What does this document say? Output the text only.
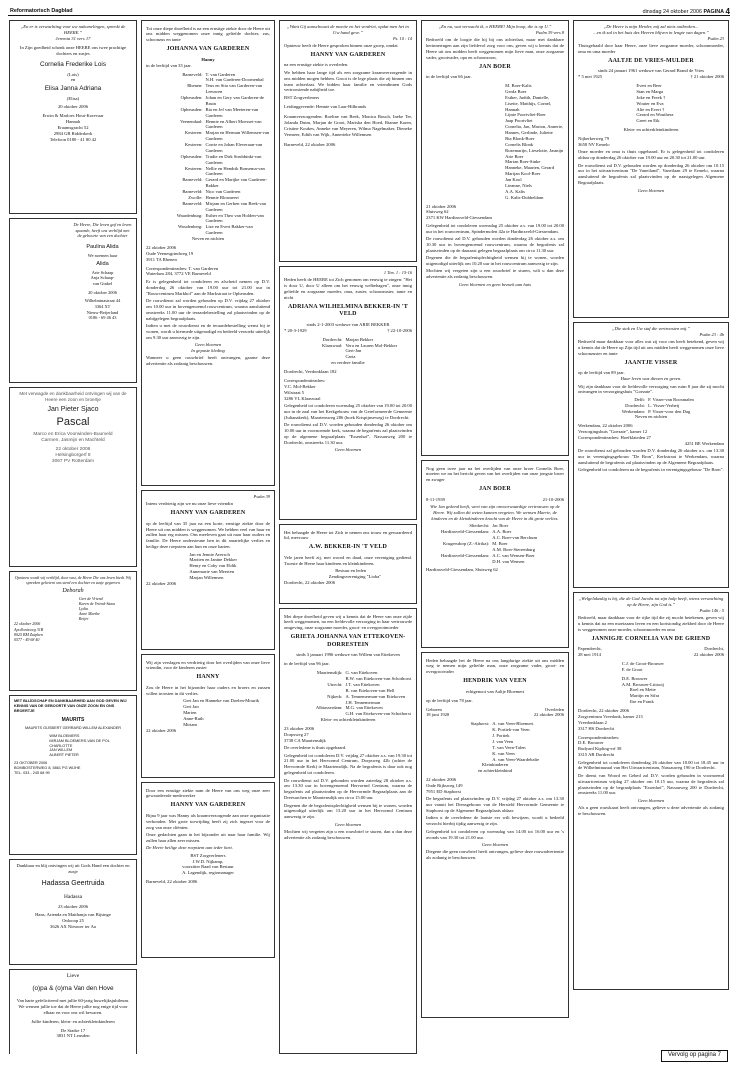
Reformatorisch Dagblad	dinsdag 24 oktober 2006 PAGINA 4
„En er is verwachting voor uw nakomelingen, spreekt de HEERE.”
Jeremia 31 vers 17
In Zijn goedheid schonk onze HEERE ons twee prachtige dochters en zusjes
Cornelia Frederike Lois
(Lois)
en
Elisa Janna Adriana
(Elisa)
20 oktober 2006
Erwin & Marloes Hout-Korevaar
Hannah
Eraamsgracht 52
2984 GB Ridderkerk
Telefoon 0180 - 41 80 42
De Heere, Die leven gaf en leven spaarde, heeft ons verblijd met de geboorte van een dochter
Paulina Alida
We noemen haar
Alida
Arie Schaap
Anja Schaap-
van Ginkel
20 oktober 2006
Wilhelminastraat 44
3364 XT
Nieuw-Beijerland
0186 - 69 46 43
Met verwagde en dankbaarheid ontvingen wij van de Heere een zoon en broertje
Jan Pieter Sjaco
Pascal
Marco en Erica Voorwinden-Buurveld
Carmen, Jasmijn en Machteld
22 oktober 2006
Helsingborgerf 8
3067 PV Rotterdam
Opnieuw wordt wij verblijd, door vast, de Heere Die ons leven biedt. Wij spreeken gelieteni ons sterd een dochter en zusje gegeeven
Deborah
Gert de Vriend
Karen de Vriend-Staus
Lydia
Anne Marthe
Reijer
22 oktober 2006
Apollonisweg 31B
8025 BM Zutphen
0577 - 49 68 40
MET BLIJDSCHAP EN DANKBAARHEID AAN GOD GEVEN WIJ KENNIS VAN DE GEBOORTE VAN ONZE ZOON EN ONS BROERTJE
MAURITS
MAURITS GIJSBERT GERRARD WILLEM ALEXANDER
WIM BLOEMERS
MIRJAM BLOEMERS-VAN DE POL
CHARLOTTE
JAN WILLEM
ALBERT PIETER
23 OKTOBER 2006
BOMBOSTERWEG 8, 5861 PG WIJHE
TEL. 033 - 245 68 99
Dankbaar en blij ontvingen wij uit Gods Hand een dochter en zusje
Hadassa Geertruida
Hadassa
23 oktober 2006
Hans, Arienda en Matthanja van Bijsinge
Onlooop 25
3626 AX Nieuwer ter Aa
Lieve
(o)pa & (o)ma Van den Hove
Van harte gefeliciteerd met jullie 60-jarig huwelijksjubileum. We wensen jullie toe dat de Heere jullie nog enige tijd voor elkaar en voor ons wil bewaren.
Jullie kinderen, klein- en achterkleinkinderen
De Stadse 17
3831 NT Leusden

Tot onze diepe droefheid is na een ernstige ziekte door de Heere uit ons midden weggenomen onze innig geliefde dochter, zus, schoonzus en tante

JOHANNA VAN GARDEREN
Hanny
in de leeftijd van 35 jaar.
Barneveld: T. van Garderen
N.H. van Garderen-Doornenbal
Rhenen: Teus en Sita van Garderen-van Leeuwen
Opheusden: Johan en Gery van Garderen-de Bruin
Opheusden: Bia en Jef van Meeteren-van Garderen
Veenendaal: Hennie en Albert Moesset-van Garderen
Kesteren: Marjan en Herman Willemsen-van Garderen
Kesteren: Corrie en Johan Eleveraan-van Garderen
Opheusden: Trudie en Dirk Strubbinkt-van Garderen
Kesteren: Nellie en Hendrik Bonsema-van Garderen
Barneveld: Gerard en Marijke van Garderen-Bakker
Barneveld: Nico van Garderen
Zwolle: Hennie Blosmeert
Barneveld: Mirjam en Gerben van Beek-van Garderen
Waardenburg: Esther en Theo van Holden-van Garderen
Woudenberg: Lize en Evert Bakker-van Garderen
Neven en nichten
22 oktober 2006
Oude Veenesgrindweg 19
3911 TA Rhenen
Correspondentieadres: T. van Garderen
Waterlum 284, 3772 VE Barneveld

Er is gelegenheid tot condoleren en afscheid nemen op D.V. donderdag 26 oktober van 19.00 uur tot 21.00 uur in "Rouwcentrum Markhof" aan de Markstraat te Opheusden.

De rouwdienst zal worden gehouden op D.V. vrijdag 27 oktober om 10.00 uur in bovengenoemd rouwcentrum, waarna aansluitend omstreeks 11.00 uur de teraardebestelling zal plaatsvinden op de nabijgelegen begraafplaats.

Indien u met de rouwdienst en de teraardebestelling wenst bij te wonen, wordt u hiermede uitgenodigd en bedeeld verzoekt uiterlijk om 9.30 uur aanwezig te zijn.

Geen bloemen
In gepaste kleding

Wanneer u geen rouwbrief heeft ontvangen, gaarne deze advertentie als zodanig beschouwen.

Psalm 39

Intens verdrietig zijn we nu onze lieve vriendin

HANNY VAN GARDEREN

op de leeftijd van 35 jaar na een korte, ernstige ziekte door de Heere uit ons midden is weggenomen. We hebben veel van haar en zullen haar erg missen. Ons meeleven gaat uit naar haar ouders en familie. De Heere ondersteune hen in dit smartelijke verlies en heilige deze roepstem aan hun en onze harten.

Jan en Jennie Aversch
Martien en Janine Dekker
Henry en Coby van Eldik
Annemarie van Meerten
Marjan Willemsen
22 oktober 2006

Wij zijn verslagen en verdrietig door het overlijden van onze lieve vriendin, voor de kinderen zuster

HANNY

Zou de Heere in het bijzonder haar ouders en broers en zussen willen troosten in dit verlies.

Gert Jan en Hanneke van Doelen-Mourik
Gert Jan
Marien
Anne-Ruth
Miriam
22 oktober 2006

Door een ernstige ziekte nam de Heere van ons weg onze zeer gewaardeerde medewerker

HANNY VAN GARDEREN

Bijna 9 jaar was Hanny als kraamverzorgende aan onze organisatie verbonden. Met grote toewijding heeft zij zich ingezet voor de zorg van onze cliënten.

Onze gedachten gaan in het bijzonder uit naar haar familie. Wij zullen haar allen zeer missen.

De Heere heilige deze roepstem aan ieder hart.

BST Zorgverleners
J.W.D. Nijkamp,
voorzitter Raad van Bestuur
A. Lagendijk, regiomanager
Barneveld, 22 oktober 2006
„Want Gij aanschouwt de moeite en het verdriet, opdat men het in Uw hand geve.”
Ps. 10 : 14

Opnieuw heeft de Heere gesproken binnen onze groep, omdat

HANNY VAN GARDEREN

na een ernstige ziekte is overleden.

We hebben haar lange tijd als een zorgzame kraamverzorgende in ons midden mogen hebben. Groot is de lege plaats die zij binnen ons team achterlaat. We bidden haar familie en vriendinnen Gods vertroostende nabijheid toe.

BST Zorgverleners
Leidinggevende: Hennie van Laar-Hilbrands

Kraamverzorgenden: Roeline van Beek, Monica Bouch, Ineke Ter, Jolanda Duim, Marjan de Groot, Mariska den Hoed, Rianne Karen, Cristine Koukes, Anneke van Meyeren, Wilma Nagelmaker, Dieneke Vermeer, Edith van Wijk, Annerieke Willemsen

Barneveld, 22 oktober 2006
1 Tim. 1 : 15-16

Heden heeft de HEERE tot Zich genomen om eeuwig te zingen: "Het is door U, door U alleen om het eeuwig welbehagen", onze innig geliefde en zorgzame moeder, oma, zuster, schoonzuster, tante en nicht

ADRIANA WILHELMINA BEKKER-IN 'T VELD
sinds 2-1-2003 weduwe van ARIE BEKKER
* 20-3-1929	† 22-10-2006
Dordrecht: Marjan Bekker
Klaaswaal: Vera en Lauren Mol-Bekker
Gert-Jan
Caria
en verdere familie
Dordrecht, Veedonklaan 182
Correspondentieadres:
V.C. Mol-Bekker
Wilstraat 5
3286 VL Klaaswaal

Gelegenheid tot condoleren woensdag 25 oktober van 19.00 tot 20.00 uur in de zaal van het Kerkgebouw van de Gereformeerde Gemeente (Julianakerk), Maartensweg 286 (hoek Krispijnseweg) te Dordrecht.

De rouwdienst zal D.V. worden gehouden donderdag 26 oktober om 10.00 uur in voornoemde kerk, waarna de begrafenis zal plaatsvinden op de algemene begraafplaats "Essenhof", Nassauweg 200 te Dordrecht, omstreeks 11.30 uur.

Geen bloemen

Het behaagde de Heere tot Zich te nemen ons trouw en gewaardeerd lid, mevrouw

A.W. BEKKER-IN 'T VELD

Vele jaren heeft zij, met woord en daad, onze vereniging gediend. Troeste de Heere haar kinderen en kleinkinderen.

Bestuur en leden
Zendingsvereniging "Lioba"
Dordrecht, 22 oktober 2006

Met diepe droefheid geven wij u kennis dat de Heere van onze zijde heeft weggenomen, na een liefdevolle verzorging in haar vertrouwde omgeving, onze zorgzame moeder, groot- en overgrootmoeder

GRIETA JOHANNA VAN ETTEKOVEN-DORRESTEIN
sinds 3 januari 1996 weduwe van Willem van Ettekoven
in de leeftijd van 96 jaar.
Maartensdijk: G. van Ettekoven
B.W. van Ettekoven-van Schothorst
Utrecht: J.T. van Ettekoven
B. van Ettekoven-van Hell
Nijkerk: A. Tennemerman-van Ettekoven
J.H. Tennemerman
Albiasserdam: M.G. van Ettekoven
G.H. van Ettekoven-van Schothorst
Klein- en achterkleinkinderen
23 oktober 2006
Dorpsweg 27
3738 CA Maartensdijk

De overledene is thuis opgebaard.

Gelegenheid tot condoleren D.V. vrijdag 27 oktober a.s. van 19.30 tot 21.00 uur in het Hervormd Centrum, Dorpsweg 42b (achter de Hervormde Kerk) te Maartensdijk. Na de begrafenis is daar ook nog gelegenheid tot condoleren.

De rouwdienst zal D.V. gehouden worden zaterdag 28 oktober a.s. om 13.30 uur in bovengenoemd Hervormd Centrum, waarna de begrafenis zal plaatsvinden op de Hervormde Begraafplaats aan de Dreesarchen te Maartensdijk om circa 15.00 uur.

Degenen die de begrafenisplechtigheid wensen bij te wonen, worden uitgenodigd uiterlijk om 13.20 uur in het Hervormd Centrum aanwezig te zijn.

Geen bloemen

Mochten wij vergeten zijn u een rouwbrief te sturen, dan u dan deze advertentie als zodanig beschouwen.

„En nu, wat verwacht ik, o HEERE! Mijn hoop, die is op U.”
Psalm 39 vers 8

Bedroefd om de loogte die hij bij ons achterlaat, maar met dankbare herinneringen aan zijn liefdevol zorg voor ons, geven wij u kennis dat de Heere uit ons midden heeft weggenomen mijn lieve man, onze zorgzame vader, grootvader, opa en schoonzoon,

JAN BOER
in de leeftijd van 66 jaar.
M. Boer-Kalis
Gerda Boer
Esther, Judith, Danielle, Lisette, Matthijs, Cornel, Hannah
Lijnie Poortvliet-Boer
Jaap Poortvliet
Cornelia, Jan, Marion, Annerie, Hannes, Gerlinde, Juliette
Bia Blonk-Boer
Cornelis Blonk
Rozemarijn, Lieselotte, Jasmijn
Arie Boer
Marian Boer-Sinke
Hanneke, Maarten, Gerard
Marijan Kool-Boer
Jan Kool
Lieanne, Niels
A.A. Kalis
G. Kalis-Dubbeldam
21 oktober 2006
Sluisweg 62
2371 KW Hardinxveld-Giessendam

Gelegenheid tot condoleren woensdag 25 oktober a.s. van 19.00 tot 20.00 uur in het rouwcentrum, Spindermolen 42a te Hardinxveld-Giessendam.

De rouwdienst zal D.V. gehouden worden donderdag 26 oktober a.s. om 10.30 uur in bovengenoemd rouwcentrum, waarna de begrafenis zal plaatsvinden op de daaraast gelegen begraafplaats om circa 11.30 uur.

Degenen die de begrafenisplechtigheid wensen bij te wonen, worden uitgenodigd uiterlijk om 10.20 uur in het rouwcentrum aanwezig te zijn.

Mochten wij vergeten zijn u een rouwbrief te sturen, wilt u dan deze advertentie als zodanig beschouwen.

Geen bloemen en geen bezoek aan huis

Nog geen twee jaar na het overlijden van onze broer Cornelis Boer, moeten we nu het bericht geven van het overlijden van onze jongste broer en zwager

JAN BOER
8-11-1939	21-10-2006

Wie Jan gekend heeft, weet van zijn onvoorwaardige vertrouwen op de Heere. Wij zullen dit weten kunnen vergeten. We wensen Marrie, de kinderen en de kleinkinderen kracht van de Heere in dit grote verlies.

Sliedrecht: Jac Boer
Hardinxveld-Giessendam: A.A. Boer
A.C. Boer-van Berchum
Krugersdorp (Z.-Afrika): M. Boer
A.M. Boer-Sterrenburg
Hardinxveld-Giessendam: A.C. van Wensen-Boer
D.H. van Wensen
Hardinxveld-Giessendam, Sluisweg 62

Heden behaagde het de Heere na ons langdurige ziekte uit ons midden weg te nemen mijn geliefde man, onze zorgzame vader, groot- en overgrootvader

HENDRIK VAN VEEN
echtgenoot van Aaltje Bloemert
op de leeftijd van 78 jaar.
Geboren	Overleden
18 juni 1928	22 oktober 2006
Staphorst: A. van Veen-Bloemert
K. Portiek-van Veen
J. Portiek
J. van Veen
T. van Veen-Talen
K. van Veen
A. van Veen-Waardebalie
Kleinkinderen
en achterkleinkind
22 oktober 2006
Oude Rijksweg 149
7951 ED Staphorst

De begrafenis zal plaatsvinden op D.V. vrijdag 27 oktober a.s. om 13.30 uur vanuit het Diensgebouw van de Hersteld Hervormde Gemeente te Staphorst op de Algemene Begraafplaats aldaar.

Indien u de overledene de laatste eer wilt bewijzen, wordt u bedeeld verzocht hierbij tijdig aanwezig te zijn.

Gelegenheid tot condoleren op woensdag van 14.00 tot 16.00 uur en 's avonds van 19.30 tot 21.00 uur.

Geen bloemen

Diegene die geen rouwbrief heeft ontvangen, gelieve deze rouwadvertentie als zodanig te beschouwen.

„De Heere is mijn Herder, mij zal niets ontbreken...
...en ik zal in het huis des Heeren blijven in lengte van dagen.”
Psalm 23

Thuisgehaald door haar Heere, onze lieve zorgzame moeder, schoonmoeder, oma en oma moeder

AALTJE DE VRIES-MULDER
sinds 24 januari 1961 weduwe van Gerard Brand de Vries
* 5 mei 1925	† 21 oktober 2006
Evert en Beer
Stan en Marga
Joke en Freek †
Wouter en Eva
Alie en Evert †
Gerard en Wouthera
Greet en Eik
Klein- en achterkleinkinderen
Nijkerkerweg 79
3658 NV Ermelo

Onze moeder en oma is thuis opgebaard. Er is gelegenheid tot condoleren aldaar op donderdag 26 oktober van 19.00 uur en 20.30 tot 21.00 uur.

De rouwdienst zal D.V. gehouden worden op donderdag 26 oktober om 10.15 uur in het uitvaartcentrum "De Vaneiland", Vaneilaan 29 te Ermelo, waarna aansluitend de begrafenis zal plaatsvinden op de naastgelegen Algemene Begraafplaats.

Geen bloemen
„Die stok en Uw staf die vertroosten mij.”
Psalm 23 : 4b

Bedroefd maar dankbaar voor alles wat zij voor ons heeft betekend, geven wij u kennis dat de Heere op Zijn tijd uit ons midden heeft weggenomen onze lieve schoonzuster en tante

JAANTJE VISSER
op de leeftijd van 89 jaar.
Haar leven was dienen en geven.

Wij zijn dankbaar voor de liefdevolle verzorging van ruim 8 jaar die zij mocht ontvangen in verzorgingshuis "Goezate".

Delft: F. Visser-van Roosmalen
Dordrecht: L. Visser-Verheij
Werkendam: P. Visser-voor den Dag
Neven en nichten
Werkendam, 22 oktober 2006
Verzorgingshuis "Goezate", kamer 12
Correspondentieadres: Hoefklaieden 27
4251 BE Werkendam

De rouwdienst zal gehouden worden D.V. donderdag 26 oktober a.s. om 13.30 uur in verenigingsgebouw "De Bron", Kerkstraat te Werkendam, waarna aansluitend de begrafenis zal plaatsvinden op de Algemene Begraafplaats.

Gelegenheid tot condoleren na de begrafenis in verenigingsgebouw "De Bron".

„Welgelukzalig is hij, die de God Jacobs tot zijn hulp heeft, wiens verwachting op de Heere, zijn God is.”
Psalm 146 : 5

Bedroefd, maar dankbaar voor de rijke tijd die zij mocht betekenen, geven wij u kennis dat na een moeizaam leven en een kortstondig ziekbed door de Heere is weggenomen onze moeder, schoonmoeder en oma

JANNIGJE CORNELIA VAN DE GRIEND
Papendrecht,	Dordrecht,
28 mei 1914	22 oktober 2006
C.J. de Groot-Brouwer
F. de Groot
D.E. Brouwer
A.M. Brouwer-Littooij
Roel en Mette
Martijn en Sifra
Ilse en Frank
Dordrecht, 22 oktober 2006
Zorgcentrum Vreedonk, kamer 213
Vreedonklaan 2
3317 HS Dordrecht
Correspondentieadres:
D.E. Brouwer
Rudyard Kipling-erf 38
3315 AB Dordrecht

Gelegenheid tot condoleren donderdag 26 oktober van 18.00 tot 18.45 uur in de Wilhelminazaal van Het Uitvaartcentrum, Nassauweg 190 te Dordrecht.

De dienst van Woord en Gebed zal D.V. worden gehouden in voornoemd uitvaartcentrum vrijdag 27 oktober om 10.15 uur, waarna de begrafenis zal plaatsvinden op de begraafplaats "Essenhof", Nassauweg 200 te Dordrecht, omstreeks 11.00 uur.

Geen bloemen

Als u geen rouwkaart heeft ontvangen, gelieve u deze advertentie als zodanig te beschouwen.

Vervolg op pagina 7
